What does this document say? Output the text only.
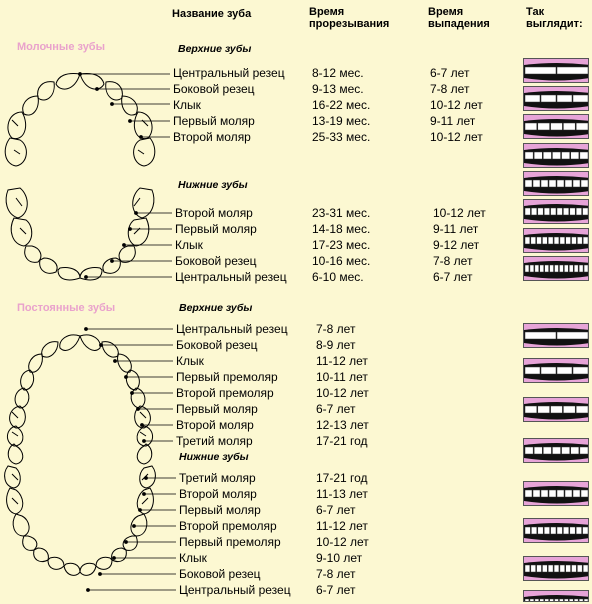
Название зуба	Время
прорезывания
Время
выпадения
Так
выглядит:
Молочные зубы
Постоянные зубы
Верхние зубы
Нижние зубы
Верхние зубы
Нижние зубы
Центральный резец 8-12 мес.	6-7 лет
Боковой резец	9-13 мес.	7-8 лет
Клык	16-22 мес.	10-12 лет
Первый моляр	13-19 мес.	9-11 лет
Второй моляр	25-33 мес.	10-12 лет
Второй моляр	23-31 мес.	10-12 лет
Первый моляр	14-18 мес.	9-11 лет
Клык	17-23 мес.	9-12 лет
Боковой резец	10-16 мес.	7-8 лет
Центральный резец 6-10 мес.	6-7 лет
Центральный резец 7-8 лет
Боковой резец	8-9 лет
Клык	11-12 лет
Первый премоляр	10-11 лет
Второй премоляр	10-12 лет
Первый моляр	6-7 лет
Второй моляр	12-13 лет
Третий моляр	17-21 год
Третий моляр	17-21 год
Второй моляр	11-13 лет
Первый моляр	6-7 лет
Второй премоляр	11-12 лет
Первый премоляр	10-12 лет
Клык	9-10 лет
Боковой резец	7-8 лет
Центральный резец 6-7 лет
